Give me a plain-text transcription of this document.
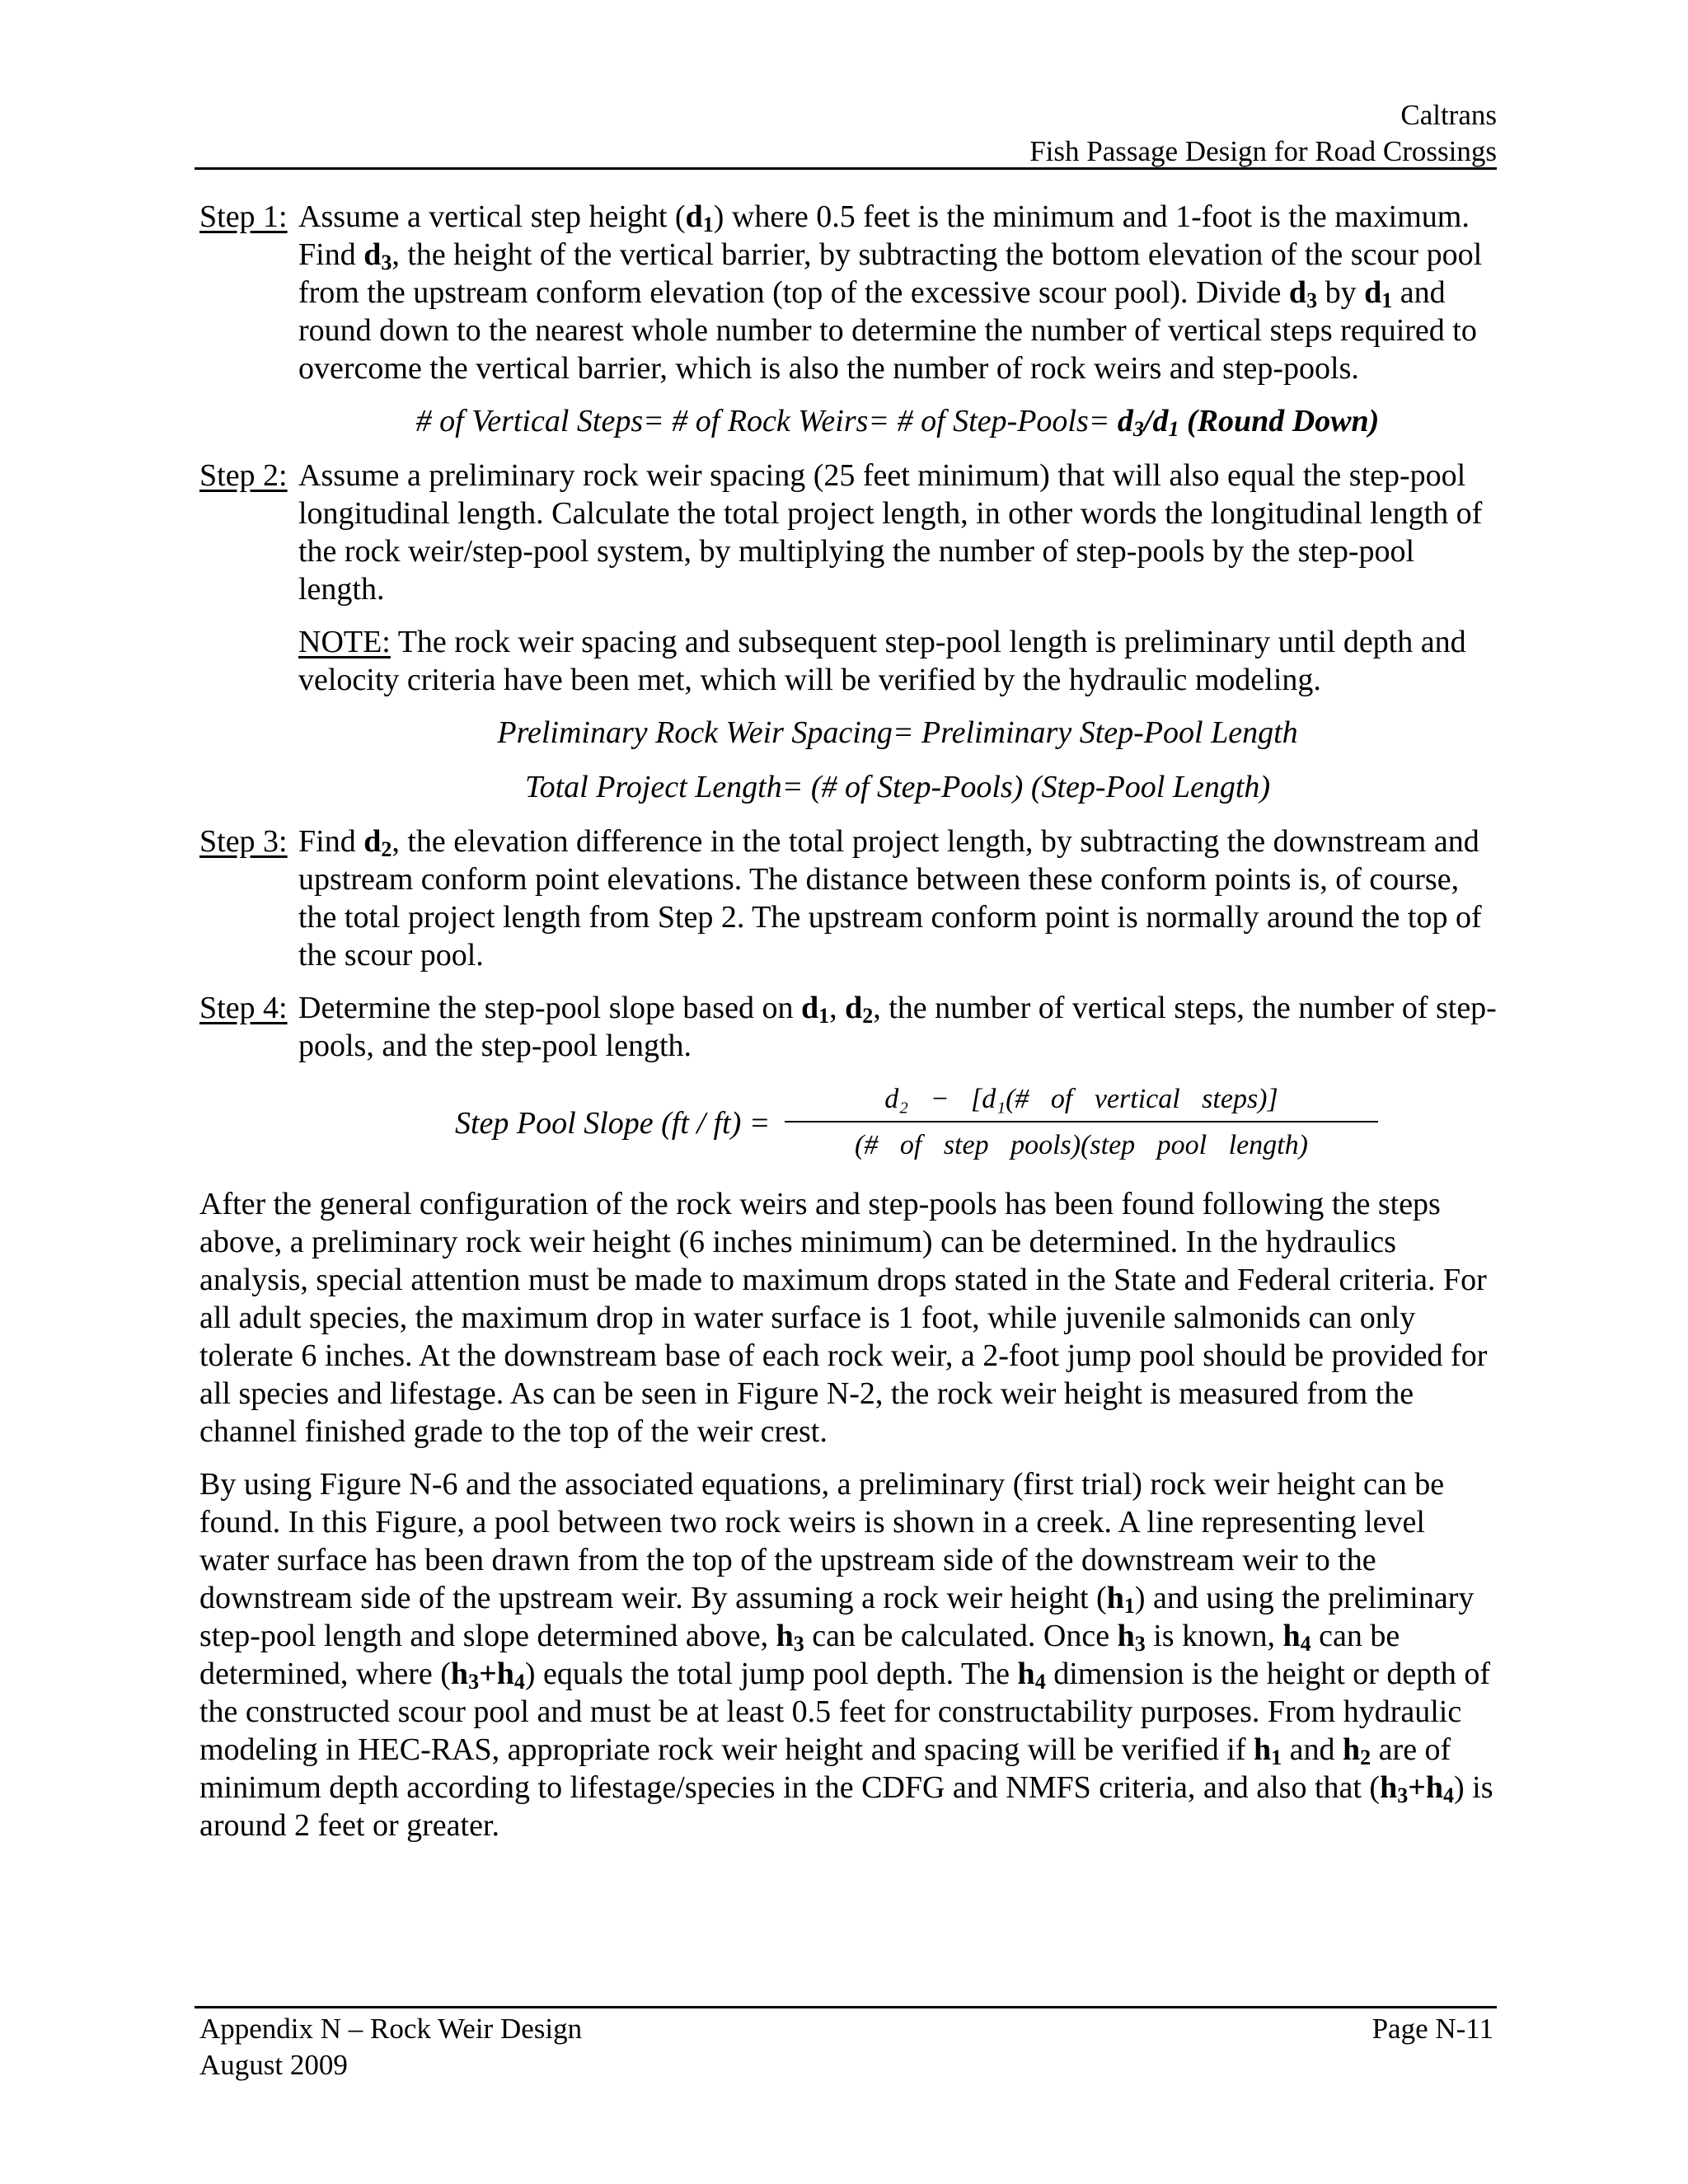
Caltrans
Fish Passage Design for Road Crossings
Step 1: Assume a vertical step height $(d_1)$ where 0.5 feet is the minimum and 1-foot is the maximum. Find $d_3$, the height of the vertical barrier, by subtracting the bottom elevation of the scour pool from the upstream conform elevation (top of the excessive scour pool). Divide $d_3$ by $d_1$ and round down to the nearest whole number to determine the number of vertical steps required to overcome the vertical barrier, which is also the number of rock weirs and step-pools.
# of Vertical Steps= # of Rock Weirs= # of Step-Pools= $d_3/d_1$ (Round Down)
Step 2: Assume a preliminary rock weir spacing (25 feet minimum) that will also equal the step-pool longitudinal length. Calculate the total project length, in other words the longitudinal length of the rock weir/step-pool system, by multiplying the number of step-pools by the step-pool length.
NOTE: The rock weir spacing and subsequent step-pool length is preliminary until depth and velocity criteria have been met, which will be verified by the hydraulic modeling.
Preliminary Rock Weir Spacing= Preliminary Step-Pool Length
Total Project Length= (# of Step-Pools) (Step-Pool Length)
Step 3: Find $d_2$, the elevation difference in the total project length, by subtracting the downstream and upstream conform point elevations. The distance between these conform points is, of course, the total project length from Step 2. The upstream conform point is normally around the top of the scour pool.
Step 4: Determine the step-pool slope based on $d_1$, $d_2$, the number of vertical steps, the number of step-pools, and the step-pool length.
Step Pool Slope (ft / ft) =
d₂ − [d₁(# of vertical steps)]
(# of step pools)(step pool length)
After the general configuration of the rock weirs and step-pools has been found following the steps above, a preliminary rock weir height (6 inches minimum) can be determined. In the hydraulics analysis, special attention must be made to maximum drops stated in the State and Federal criteria. For all adult species, the maximum drop in water surface is 1 foot, while juvenile salmonids can only tolerate 6 inches. At the downstream base of each rock weir, a 2-foot jump pool should be provided for all species and lifestage. As can be seen in Figure N-2, the rock weir height is measured from the channel finished grade to the top of the weir crest.
By using Figure N-6 and the associated equations, a preliminary (first trial) rock weir height can be found. In this Figure, a pool between two rock weirs is shown in a creek. A line representing level water surface has been drawn from the top of the upstream side of the downstream weir to the downstream side of the upstream weir. By assuming a rock weir height $(h_1)$ and using the preliminary step-pool length and slope determined above, $h_3$ can be calculated. Once $h_3$ is known, $h_4$ can be determined, where $(h_3+h_4)$ equals the total jump pool depth. The $h_4$ dimension is the height or depth of the constructed scour pool and must be at least 0.5 feet for constructability purposes. From hydraulic modeling in HEC-RAS, appropriate rock weir height and spacing will be verified if $h_1$ and $h_2$ are of minimum depth according to lifestage/species in the CDFG and NMFS criteria, and also that $(h_3+h_4)$ is around 2 feet or greater.
Appendix N – Rock Weir Design
August 2009
Page N-11
